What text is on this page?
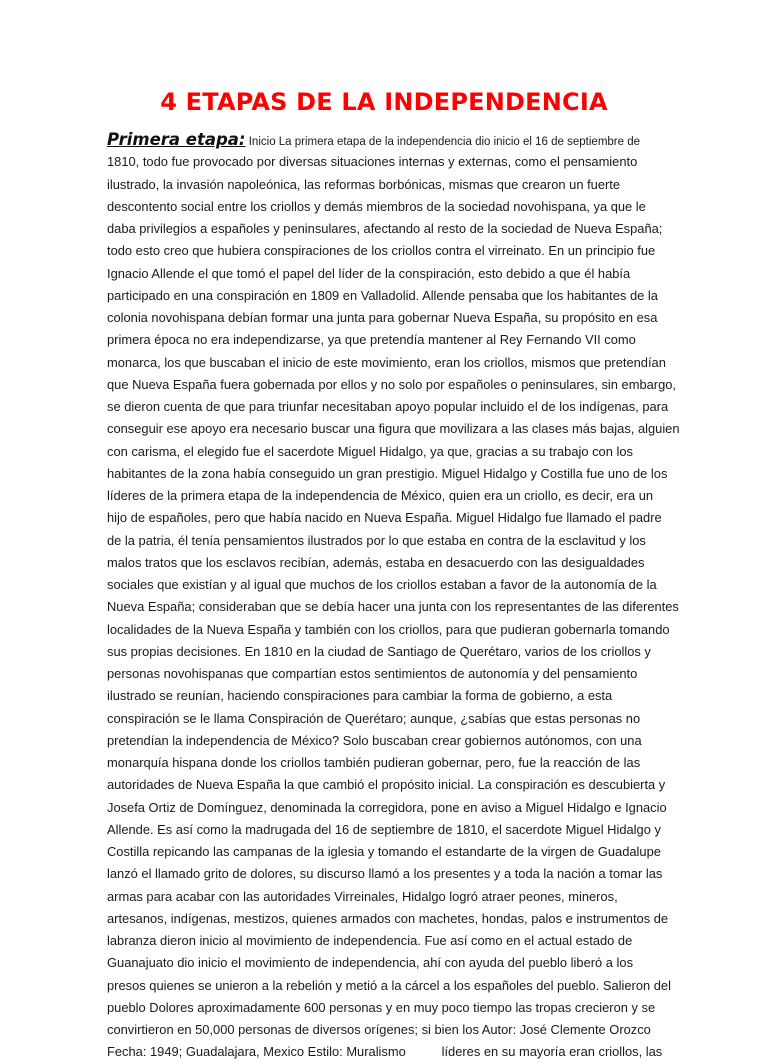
4 ETAPAS DE LA INDEPENDENCIA
Primera etapa: Inicio La primera etapa de la independencia dio inicio el 16 de septiembre de
1810, todo fue provocado por diversas situaciones internas y externas, como el pensamiento
ilustrado, la invasión napoleónica, las reformas borbónicas, mismas que crearon un fuerte
descontento social entre los criollos y demás miembros de la sociedad novohispana, ya que le
daba privilegios a españoles y peninsulares, afectando al resto de la sociedad de Nueva España;
todo esto creo que hubiera conspiraciones de los criollos contra el virreinato. En un principio fue
Ignacio Allende el que tomó el papel del líder de la conspiración, esto debido a que él había
participado en una conspiración en 1809 en Valladolid. Allende pensaba que los habitantes de la
colonia novohispana debían formar una junta para gobernar Nueva España, su propósito en esa
primera época no era independizarse, ya que pretendía mantener al Rey Fernando VII como
monarca, los que buscaban el inicio de este movimiento, eran los criollos, mismos que pretendían
que Nueva España fuera gobernada por ellos y no solo por españoles o peninsulares, sin embargo,
se dieron cuenta de que para triunfar necesitaban apoyo popular incluido el de los indígenas, para
conseguir ese apoyo era necesario buscar una figura que movilizara a las clases más bajas, alguien
con carisma, el elegido fue el sacerdote Miguel Hidalgo, ya que, gracias a su trabajo con los
habitantes de la zona había conseguido un gran prestigio. Miguel Hidalgo y Costilla fue uno de los
líderes de la primera etapa de la independencia de México, quien era un criollo, es decir, era un
hijo de españoles, pero que había nacido en Nueva España. Miguel Hidalgo fue llamado el padre
de la patria, él tenía pensamientos ilustrados por lo que estaba en contra de la esclavitud y los
malos tratos que los esclavos recibían, además, estaba en desacuerdo con las desigualdades
sociales que existían y al igual que muchos de los criollos estaban a favor de la autonomía de la
Nueva España; consideraban que se debía hacer una junta con los representantes de las diferentes
localidades de la Nueva España y también con los criollos, para que pudieran gobernarla tomando
sus propias decisiones. En 1810 en la ciudad de Santiago de Querétaro, varios de los criollos y
personas novohispanas que compartían estos sentimientos de autonomía y del pensamiento
ilustrado se reunían, haciendo conspiraciones para cambiar la forma de gobierno, a esta
conspiración se le llama Conspiración de Querétaro; aunque, ¿sabías que estas personas no
pretendían la independencia de México? Solo buscaban crear gobiernos autónomos, con una
monarquía hispana donde los criollos también pudieran gobernar, pero, fue la reacción de las
autoridades de Nueva España la que cambió el propósito inicial. La conspiración es descubierta y
Josefa Ortiz de Domínguez, denominada la corregidora, pone en aviso a Miguel Hidalgo e Ignacio
Allende. Es así como la madrugada del 16 de septiembre de 1810, el sacerdote Miguel Hidalgo y
Costilla repicando las campanas de la iglesia y tomando el estandarte de la virgen de Guadalupe
lanzó el llamado grito de dolores, su discurso llamó a los presentes y a toda la nación a tomar las
armas para acabar con las autoridades Virreinales, Hidalgo logró atraer peones, mineros,
artesanos, indígenas, mestizos, quienes armados con machetes, hondas, palos e instrumentos de
labranza dieron inicio al movimiento de independencia. Fue así como en el actual estado de
Guanajuato dio inicio el movimiento de independencia, ahí con ayuda del pueblo liberó a los
presos quienes se unieron a la rebelión y metió a la cárcel a los españoles del pueblo. Salieron del
pueblo Dolores aproximadamente 600 personas y en muy poco tiempo las tropas crecieron y se
convirtieron en 50,000 personas de diversos orígenes; si bien los Autor: José Clemente Orozco
Fecha: 1949; Guadalajara, Mexico Estilo: Muralismo          líderes en su mayoría eran criollos, las
